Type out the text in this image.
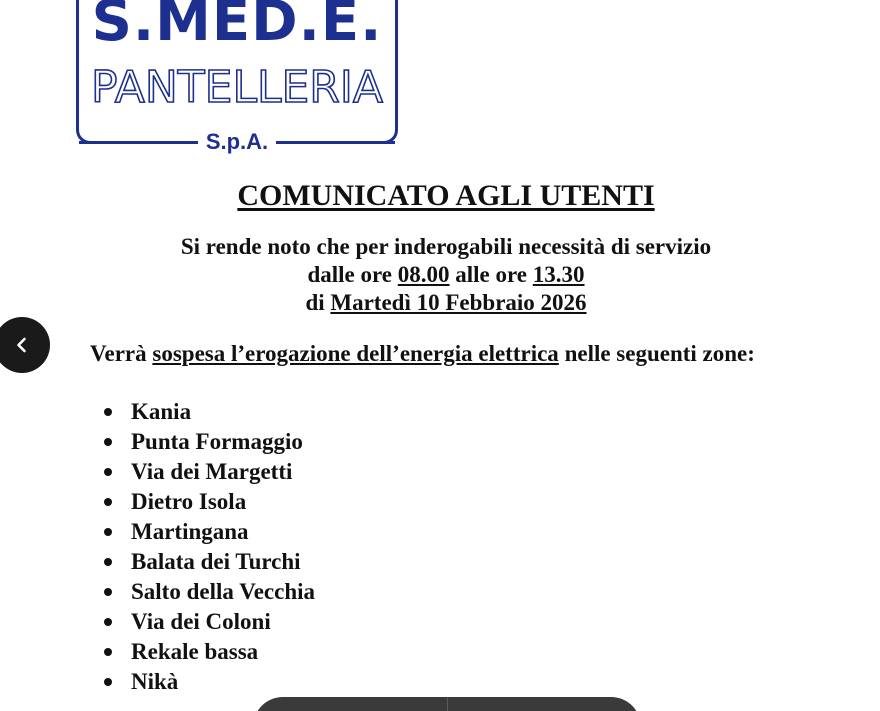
S.MED.E.
PANTELLERIA
S.p.A.
COMUNICATO AGLI UTENTI
Si rende noto che per inderogabili necessità di servizio
dalle ore 08.00 alle ore 13.30
di Martedì 10 Febbraio 2026
Verrà sospesa l’erogazione dell’energia elettrica nelle seguenti zone:
Kania
Punta Formaggio
Via dei Margetti
Dietro Isola
Martingana
Balata dei Turchi
Salto della Vecchia
Via dei Coloni
Rekale bassa
Nikà
